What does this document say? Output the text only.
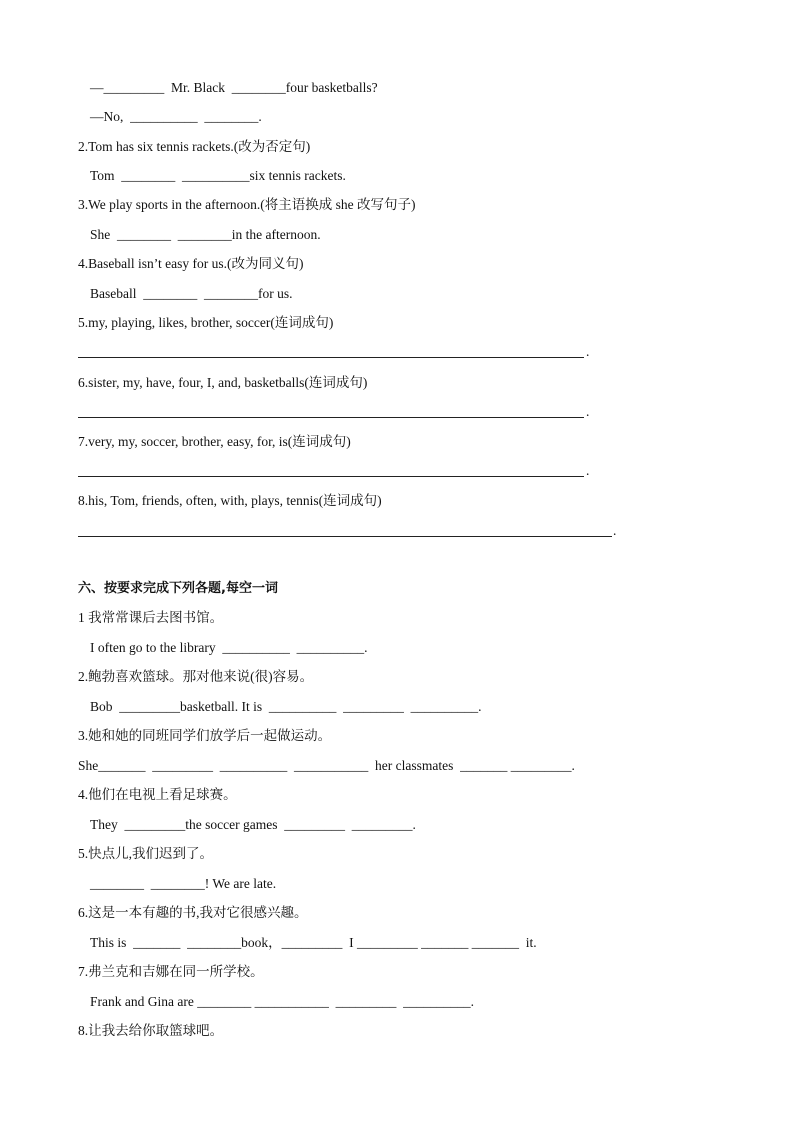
—_________  Mr. Black  ________four basketballs?
—No,  __________  ________.
2.Tom has six tennis rackets.(改为否定句)
Tom  ________  __________six tennis rackets.
3.We play sports in the afternoon.(将主语换成 she 改写句子)
She  ________  ________in the afternoon.
4.Baseball isn’t easy for us.(改为同义句)
Baseball  ________  ________for us.
5.my, playing, likes, brother, soccer(连词成句)
.
6.sister, my, have, four, I, and, basketballs(连词成句)
.
7.very, my, soccer, brother, easy, for, is(连词成句)
.
8.his, Tom, friends, often, with, plays, tennis(连词成句)
.
六、按要求完成下列各题,每空一词
1 我常常课后去图书馆。
I often go to the library  __________  __________.
2.鲍勃喜欢篮球。那对他来说(很)容易。
Bob  _________basketball. It is  __________  _________  __________.
3.她和她的同班同学们放学后一起做运动。
She_______  _________  __________  ___________  her classmates  _______ _________.
4.他们在电视上看足球赛。
They  _________the soccer games  _________  _________.
5.快点儿,我们迟到了。
________  ________! We are late.
6.这是一本有趣的书,我对它很感兴趣。
This is  _______  ________book，_________  I _________ _______ _______  it.
7.弗兰克和吉娜在同一所学校。
Frank and Gina are ________ ___________  _________  __________.
8.让我去给你取篮球吧。
